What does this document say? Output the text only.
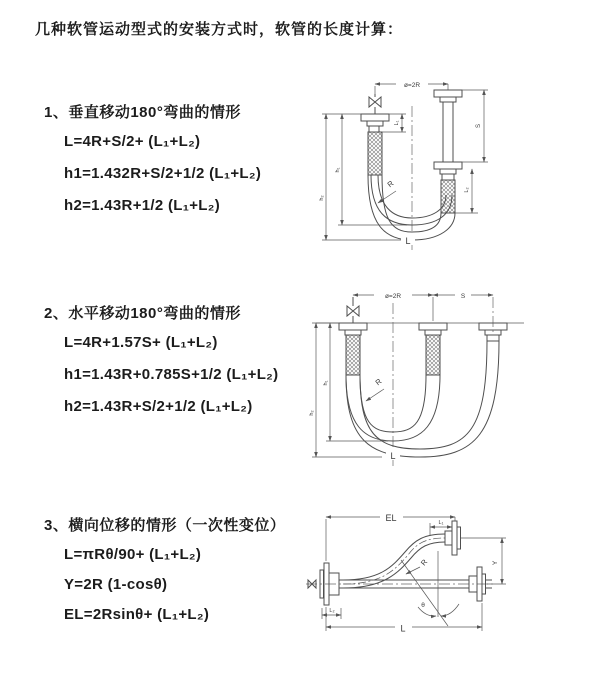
几种软管运动型式的安装方式时，软管的长度计算：
1、垂直移动180°弯曲的情形
L=4R+S/2+ (L₁+L₂)
h1=1.432R+S/2+1/2 (L₁+L₂)
h2=1.43R+1/2 (L₁+L₂)
2、水平移动180°弯曲的情形
L=4R+1.57S+ (L₁+L₂)
h1=1.43R+0.785S+1/2 (L₁+L₂)
h2=1.43R+S/2+1/2 (L₁+L₂)
3、横向位移的情形（一次性变位）
L=πRθ/90+ (L₁+L₂)
Y=2R (1-cosθ)
EL=2Rsinθ+ (L₁+L₂)
ø=2R
L₁
S
L₂
h₁
h₂
R
L
ø=2R	S
h₁
h₂
R
L
EL	L₁
θ
R	Y
L₂
L
